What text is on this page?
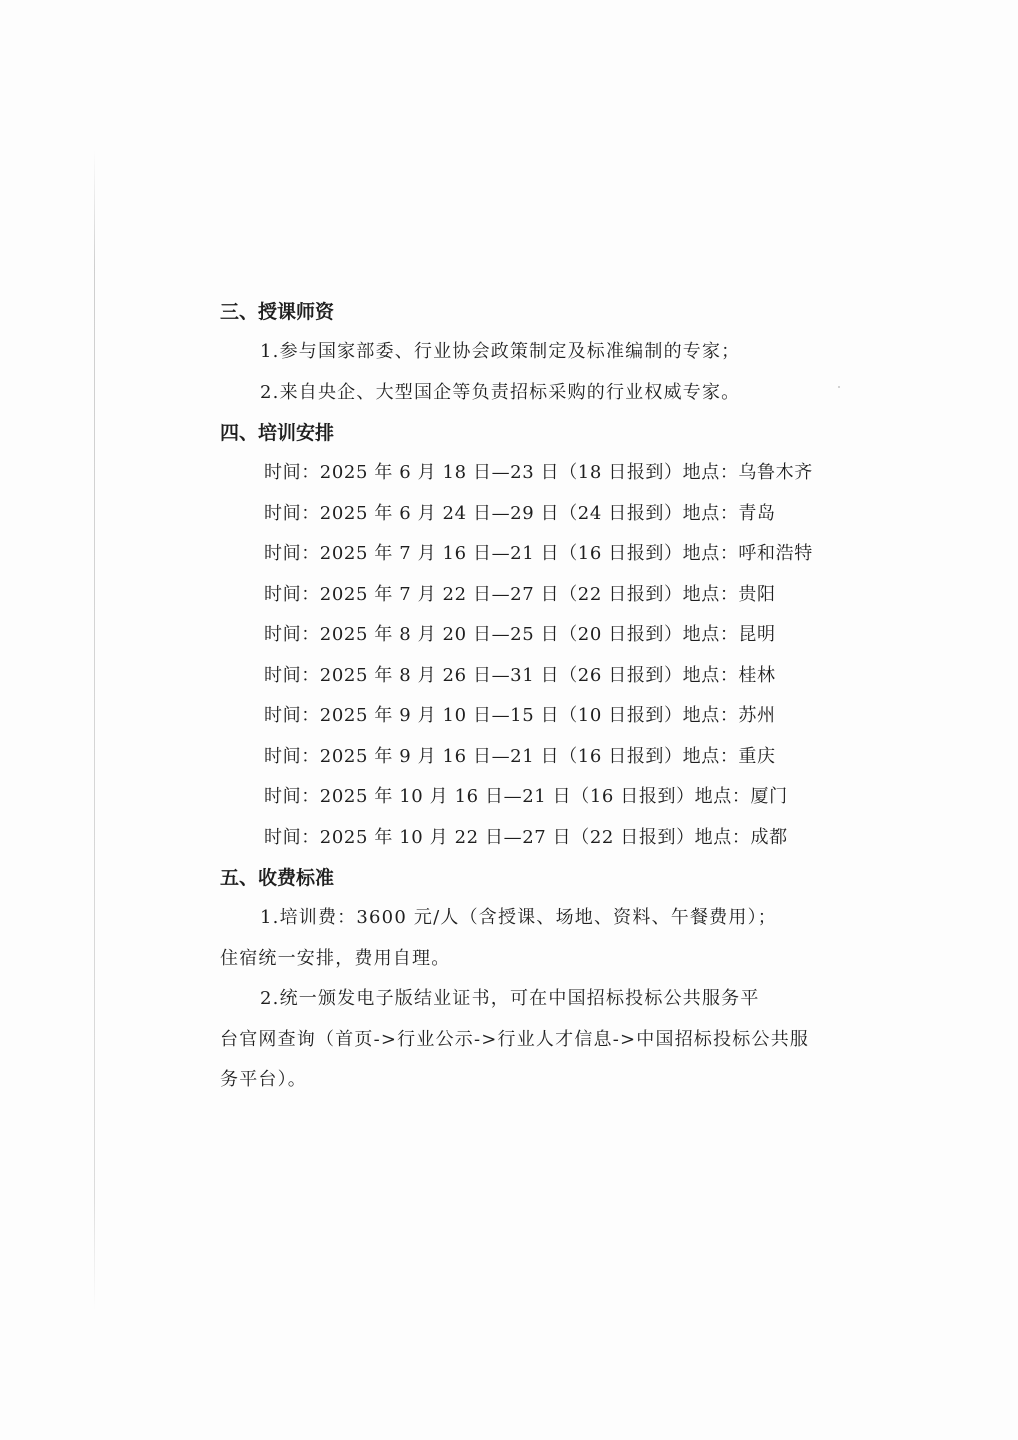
三、授课师资
1.参与国家部委、行业协会政策制定及标准编制的专家；
2.来自央企、大型国企等负责招标采购的行业权威专家。
四、培训安排
时间：2025 年 6 月 18 日—23 日（18 日报到）地点：乌鲁木齐
时间：2025 年 6 月 24 日—29 日（24 日报到）地点：青岛
时间：2025 年 7 月 16 日—21 日（16 日报到）地点：呼和浩特
时间：2025 年 7 月 22 日—27 日（22 日报到）地点：贵阳
时间：2025 年 8 月 20 日—25 日（20 日报到）地点：昆明
时间：2025 年 8 月 26 日—31 日（26 日报到）地点：桂林
时间：2025 年 9 月 10 日—15 日（10 日报到）地点：苏州
时间：2025 年 9 月 16 日—21 日（16 日报到）地点：重庆
时间：2025 年 10 月 16 日—21 日（16 日报到）地点：厦门
时间：2025 年 10 月 22 日—27 日（22 日报到）地点：成都
五、收费标准
1.培训费：3600 元/人（含授课、场地、资料、午餐费用）；
住宿统一安排，费用自理。
2.统一颁发电子版结业证书，可在中国招标投标公共服务平
台官网查询（首页->行业公示->行业人才信息->中国招标投标公共服
务平台）。
